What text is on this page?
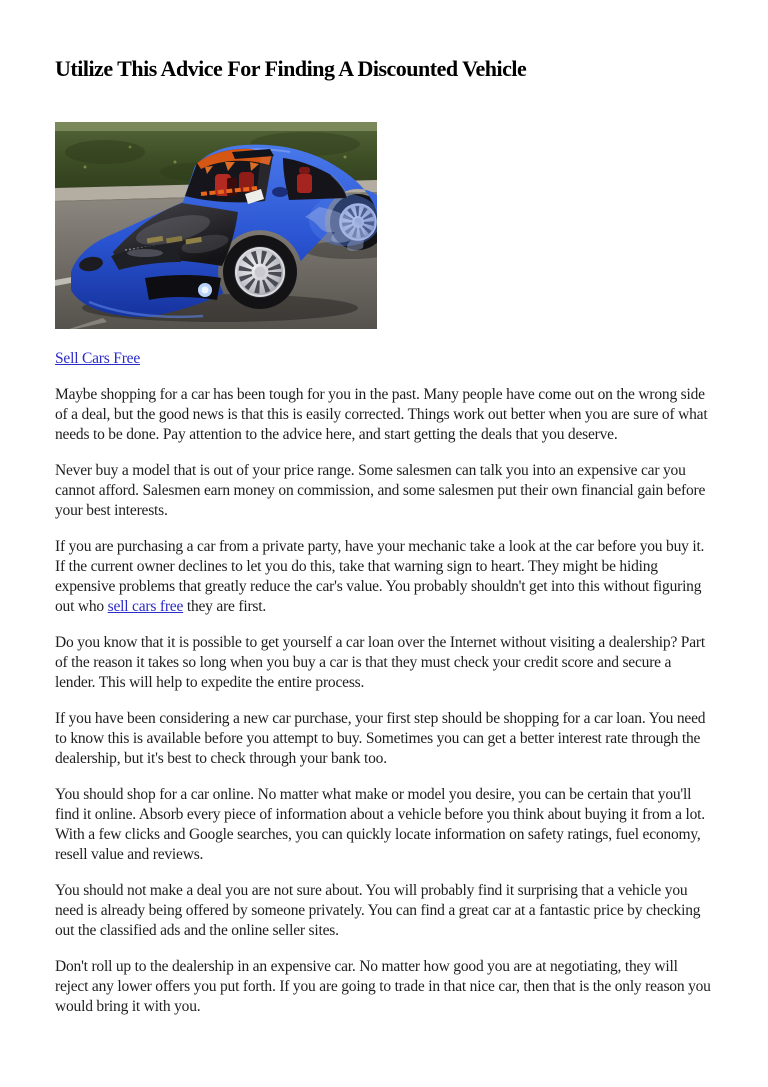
Utilize This Advice For Finding A Discounted Vehicle

Sell Cars Free

Maybe shopping for a car has been tough for you in the past. Many people have come out on the wrong side of a deal, but the good news is that this is easily corrected. Things work out better when you are sure of what needs to be done. Pay attention to the advice here, and start getting the deals that you deserve.

Never buy a model that is out of your price range. Some salesmen can talk you into an expensive car you cannot afford. Salesmen earn money on commission, and some salesmen put their own financial gain before your best interests.

If you are purchasing a car from a private party, have your mechanic take a look at the car before you buy it. If the current owner declines to let you do this, take that warning sign to heart. They might be hiding expensive problems that greatly reduce the car's value. You probably shouldn't get into this without figuring out who sell cars free they are first.

Do you know that it is possible to get yourself a car loan over the Internet without visiting a dealership? Part of the reason it takes so long when you buy a car is that they must check your credit score and secure a lender. This will help to expedite the entire process.

If you have been considering a new car purchase, your first step should be shopping for a car loan. You need to know this is available before you attempt to buy. Sometimes you can get a better interest rate through the dealership, but it's best to check through your bank too.

You should shop for a car online. No matter what make or model you desire, you can be certain that you'll find it online. Absorb every piece of information about a vehicle before you think about buying it from a lot. With a few clicks and Google searches, you can quickly locate information on safety ratings, fuel economy, resell value and reviews.

You should not make a deal you are not sure about. You will probably find it surprising that a vehicle you need is already being offered by someone privately. You can find a great car at a fantastic price by checking out the classified ads and the online seller sites.

Don't roll up to the dealership in an expensive car. No matter how good you are at negotiating, they will reject any lower offers you put forth. If you are going to trade in that nice car, then that is the only reason you would bring it with you.
